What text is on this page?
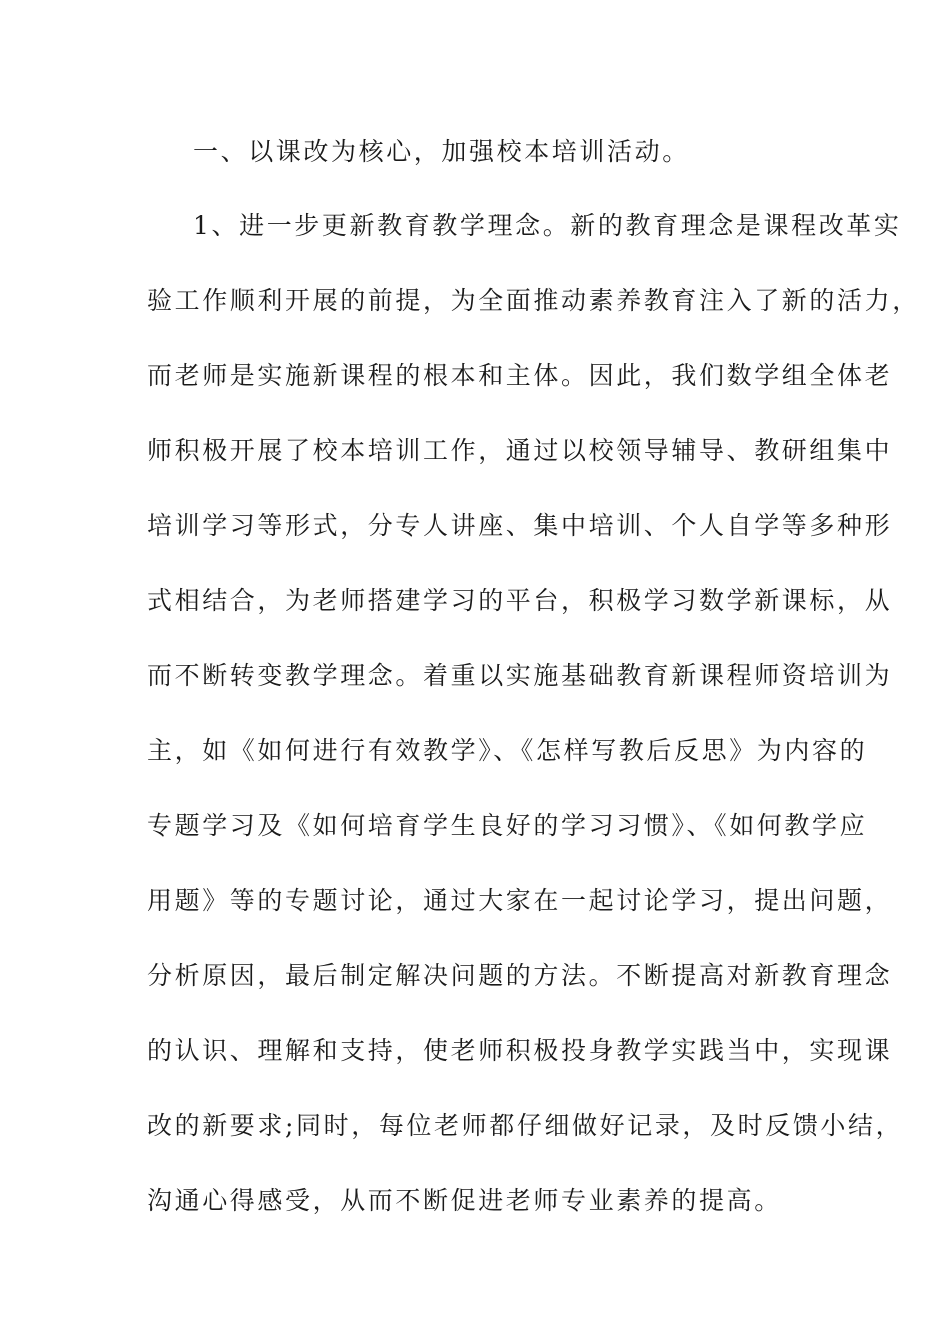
一、以课改为核心，加强校本培训活动。
1、进一步更新教育教学理念。新的教育理念是课程改革实
验工作顺利开展的前提，为全面推动素养教育注入了新的活力，
而老师是实施新课程的根本和主体。因此，我们数学组全体老
师积极开展了校本培训工作，通过以校领导辅导、教研组集中
培训学习等形式，分专人讲座、集中培训、个人自学等多种形
式相结合，为老师搭建学习的平台，积极学习数学新课标，从
而不断转变教学理念。着重以实施基础教育新课程师资培训为
主，如《如何进行有效教学》、《怎样写教后反思》为内容的
专题学习及《如何培育学生良好的学习习惯》、《如何教学应
用题》等的专题讨论，通过大家在一起讨论学习，提出问题，
分析原因，最后制定解决问题的方法。不断提高对新教育理念
的认识、理解和支持，使老师积极投身教学实践当中，实现课
改的新要求;同时，每位老师都仔细做好记录，及时反馈小结，
沟通心得感受，从而不断促进老师专业素养的提高。
